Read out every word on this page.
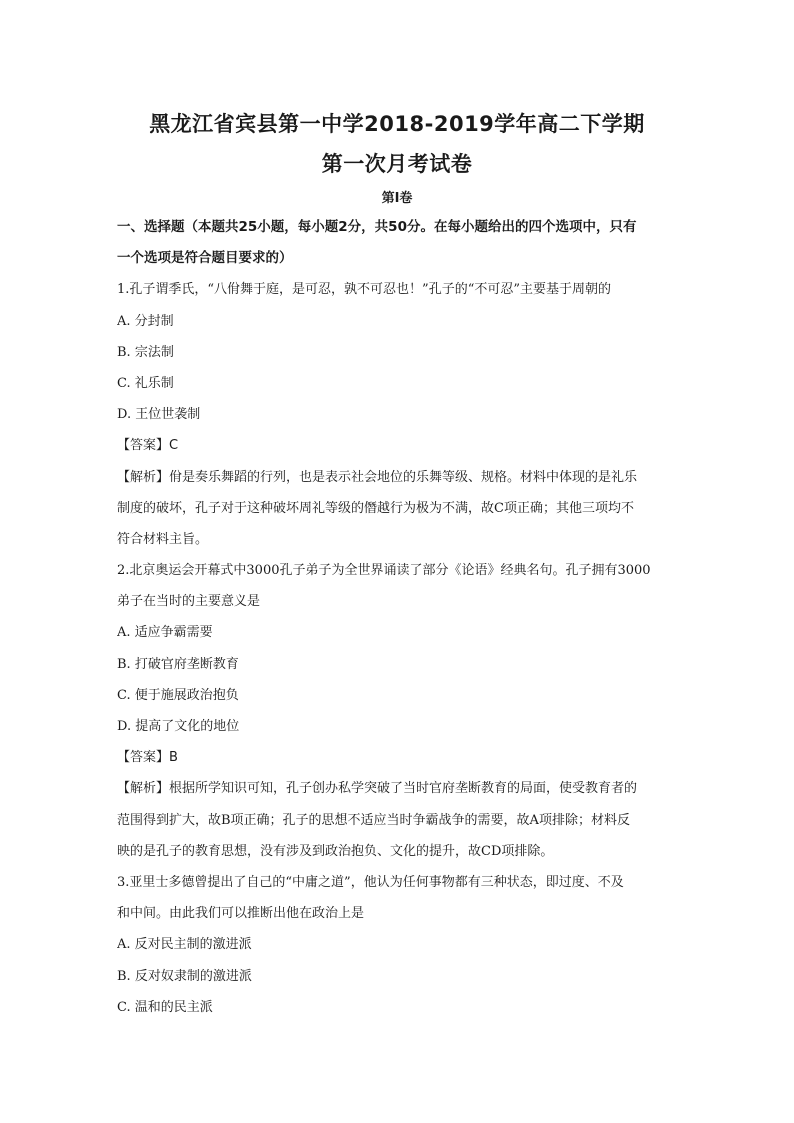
黑龙江省宾县第一中学2018-2019学年高二下学期
第一次月考试卷
第Ⅰ卷
一、选择题（本题共25小题，每小题2分，共50分。在每小题给出的四个选项中，只有
一个选项是符合题目要求的）
1.孔子谓季氏，“八佾舞于庭，是可忍，孰不可忍也！”孔子的“不可忍”主要基于周朝的
A. 分封制
B. 宗法制
C. 礼乐制
D. 王位世袭制
【答案】C
【解析】佾是奏乐舞蹈的行列，也是表示社会地位的乐舞等级、规格。材料中体现的是礼乐
制度的破坏，孔子对于这种破坏周礼等级的僭越行为极为不满，故C项正确；其他三项均不
符合材料主旨。
2.北京奥运会开幕式中3000孔子弟子为全世界诵读了部分《论语》经典名句。孔子拥有3000
弟子在当时的主要意义是
A. 适应争霸需要
B. 打破官府垄断教育
C. 便于施展政治抱负
D. 提高了文化的地位
【答案】B
【解析】根据所学知识可知，孔子创办私学突破了当时官府垄断教育的局面，使受教育者的
范围得到扩大，故B项正确；孔子的思想不适应当时争霸战争的需要，故A项排除；材料反
映的是孔子的教育思想，没有涉及到政治抱负、文化的提升，故CD项排除。
3.亚里士多德曾提出了自己的“中庸之道”，他认为任何事物都有三种状态，即过度、不及
和中间。由此我们可以推断出他在政治上是
A. 反对民主制的激进派
B. 反对奴隶制的激进派
C. 温和的民主派
